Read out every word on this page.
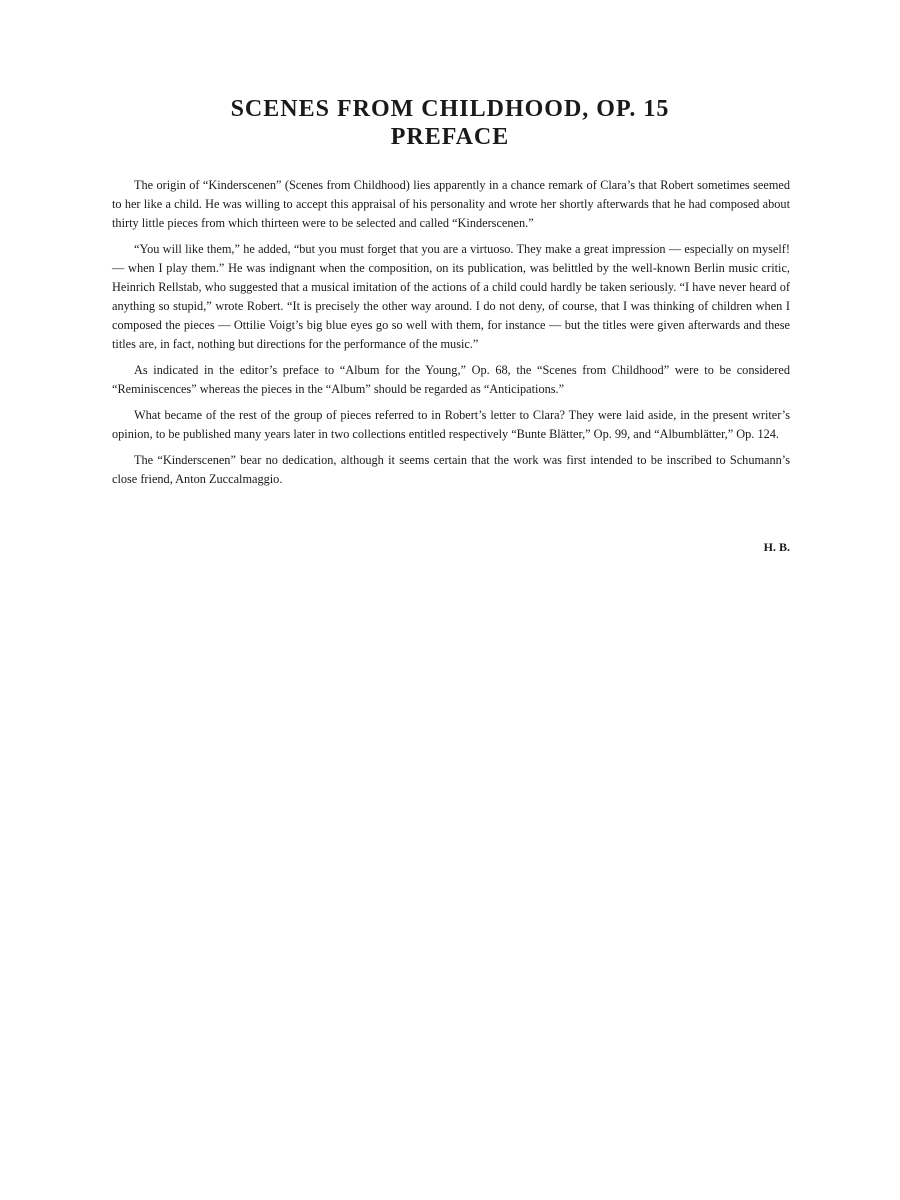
SCENES FROM CHILDHOOD, OP. 15
PREFACE

The origin of “Kinderscenen” (Scenes from Childhood) lies apparently in a chance remark of Clara’s that Robert sometimes seemed to her like a child. He was willing to accept this appraisal of his personality and wrote her shortly afterwards that he had composed about thirty little pieces from which thirteen were to be selected and called “Kinderscenen.”

“You will like them,” he added, “but you must forget that you are a virtuoso. They make a great impression — especially on myself! — when I play them.” He was indignant when the composition, on its publication, was belittled by the well-known Berlin music critic, Heinrich Rellstab, who suggested that a musical imitation of the actions of a child could hardly be taken seriously. “I have never heard of anything so stupid,” wrote Robert. “It is precisely the other way around. I do not deny, of course, that I was thinking of children when I composed the pieces — Ottilie Voigt’s big blue eyes go so well with them, for instance — but the titles were given afterwards and these titles are, in fact, nothing but directions for the performance of the music.”

As indicated in the editor’s preface to “Album for the Young,” Op. 68, the “Scenes from Childhood” were to be considered “Reminiscences” whereas the pieces in the “Album” should be regarded as “Anticipations.”

What became of the rest of the group of pieces referred to in Robert’s letter to Clara? They were laid aside, in the present writer’s opinion, to be published many years later in two collections entitled respectively “Bunte Blätter,” Op. 99, and “Albumblätter,” Op. 124.

The “Kinderscenen” bear no dedication, although it seems certain that the work was first intended to be inscribed to Schumann’s close friend, Anton Zuccalmaggio.

H. B.
